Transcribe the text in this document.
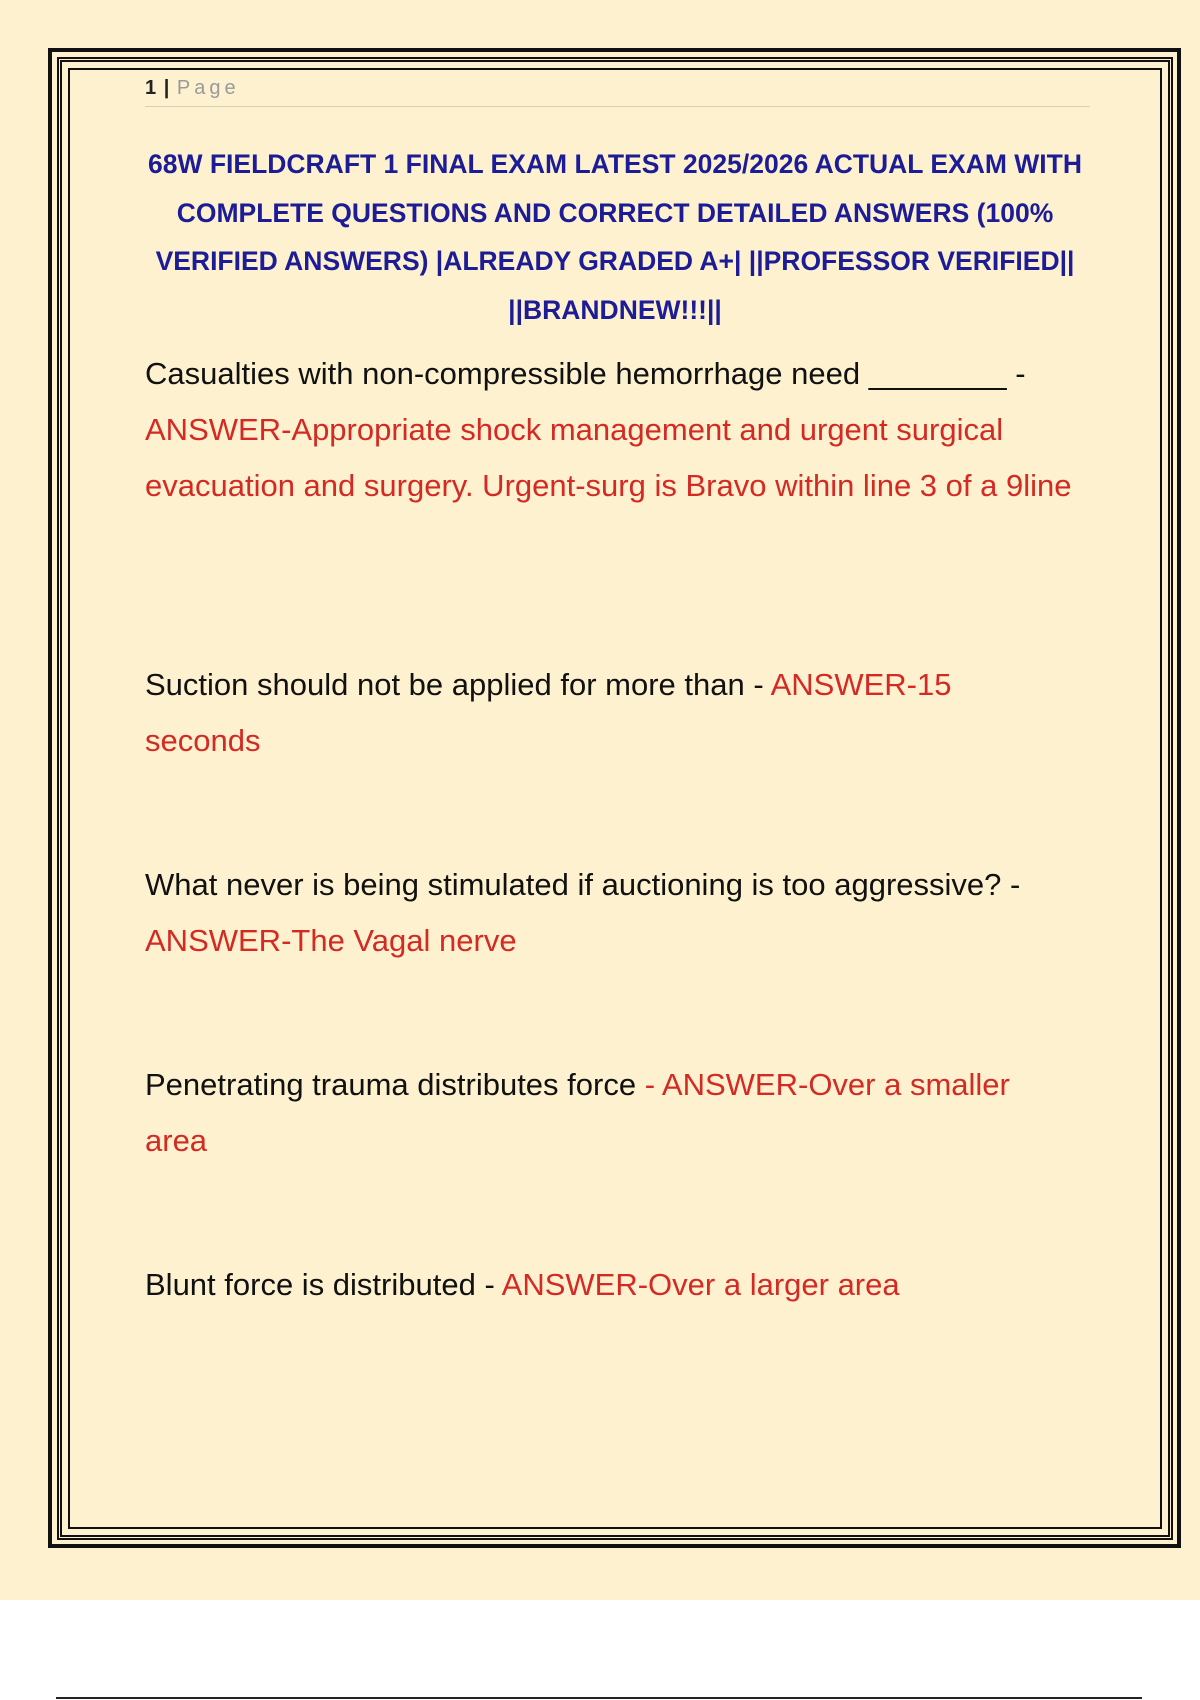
1 | Page
68W FIELDCRAFT 1 FINAL EXAM LATEST 2025/2026 ACTUAL EXAM WITH COMPLETE QUESTIONS AND CORRECT DETAILED ANSWERS (100% VERIFIED ANSWERS) |ALREADY GRADED A+| ||PROFESSOR VERIFIED|| ||BRANDNEW!!!||
Casualties with non-compressible hemorrhage need ________ - ANSWER-Appropriate shock management and urgent surgical evacuation and surgery. Urgent-surg is Bravo within line 3 of a 9line
Suction should not be applied for more than - ANSWER-15 seconds
What never is being stimulated if auctioning is too aggressive? - ANSWER-The Vagal nerve
Penetrating trauma distributes force - ANSWER-Over a smaller area
Blunt force is distributed - ANSWER-Over a larger area
